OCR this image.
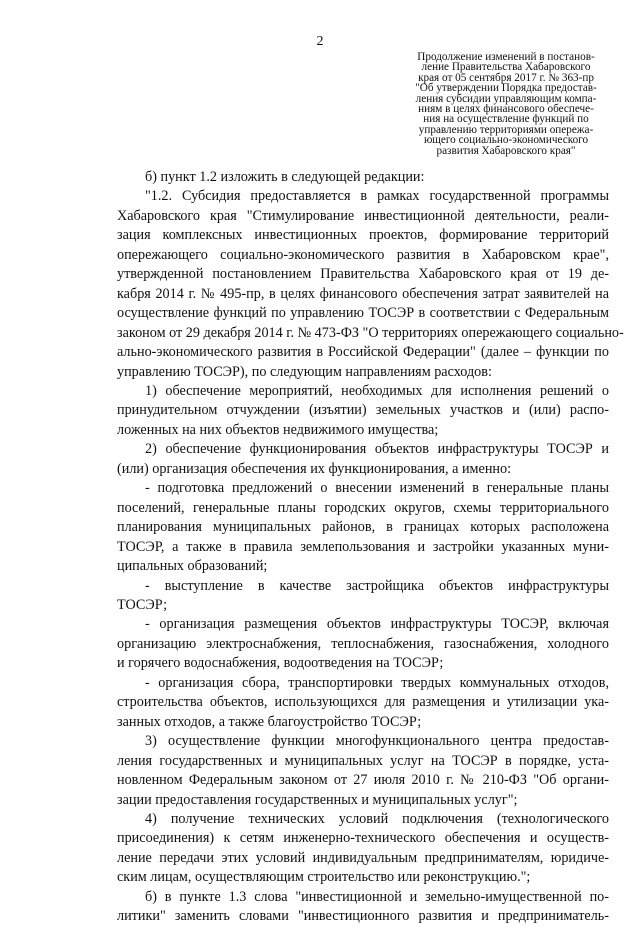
2
Продолжение изменений в постанов-
ление Правительства Хабаровского
края от 05 сентября 2017 г. № 363-пр
"Об утверждении Порядка предостав-
ления субсидии управляющим компа-
ниям в целях финансового обеспече-
ния на осуществление функций по
управлению территориями опережа-
ющего социально-экономического
развития Хабаровского края"
б) пункт 1.2 изложить в следующей редакции:
"1.2. Субсидия предоставляется в рамках государственной программы
Хабаровского края "Стимулирование инвестиционной деятельности, реали-
зация комплексных инвестиционных проектов, формирование территорий
опережающего социально-экономического развития в Хабаровском крае",
утвержденной постановлением Правительства Хабаровского края от 19 де-
кабря 2014 г. № 495-пр, в целях финансового обеспечения затрат заявителей на
осуществление функций по управлению ТОСЭР в соответствии с Федеральным
законом от 29 декабря 2014 г. № 473-ФЗ "О территориях опережающего социально-
ально-экономического развития в Российской Федерации" (далее – функции по
управлению ТОСЭР), по следующим направлениям расходов:
1) обеспечение мероприятий, необходимых для исполнения решений о
принудительном отчуждении (изъятии) земельных участков и (или) распо-
ложенных на них объектов недвижимого имущества;
2) обеспечение функционирования объектов инфраструктуры ТОСЭР и
(или) организация обеспечения их функционирования, а именно:
- подготовка предложений о внесении изменений в генеральные планы
поселений, генеральные планы городских округов, схемы территориального
планирования муниципальных районов, в границах которых расположена
ТОСЭР, а также в правила землепользования и застройки указанных муни-
ципальных образований;
- выступление в качестве застройщика объектов инфраструктуры
ТОСЭР;
- организация размещения объектов инфраструктуры ТОСЭР, включая
организацию электроснабжения, теплоснабжения, газоснабжения, холодного
и горячего водоснабжения, водоотведения на ТОСЭР;
- организация сбора, транспортировки твердых коммунальных отходов,
строительства объектов, использующихся для размещения и утилизации ука-
занных отходов, а также благоустройство ТОСЭР;
3) осуществление функции многофункционального центра предостав-
ления государственных и муниципальных услуг на ТОСЭР в порядке, уста-
новленном Федеральным законом от 27 июля 2010 г. № 210-ФЗ "Об органи-
зации предоставления государственных и муниципальных услуг";
4) получение технических условий подключения (технологического
присоединения) к сетям инженерно-технического обеспечения и осуществ-
ление передачи этих условий индивидуальным предпринимателям, юридиче-
ским лицам, осуществляющим строительство или реконструкцию.";
б) в пункте 1.3 слова "инвестиционной и земельно-имущественной по-
литики" заменить словами "инвестиционного развития и предприниматель-
